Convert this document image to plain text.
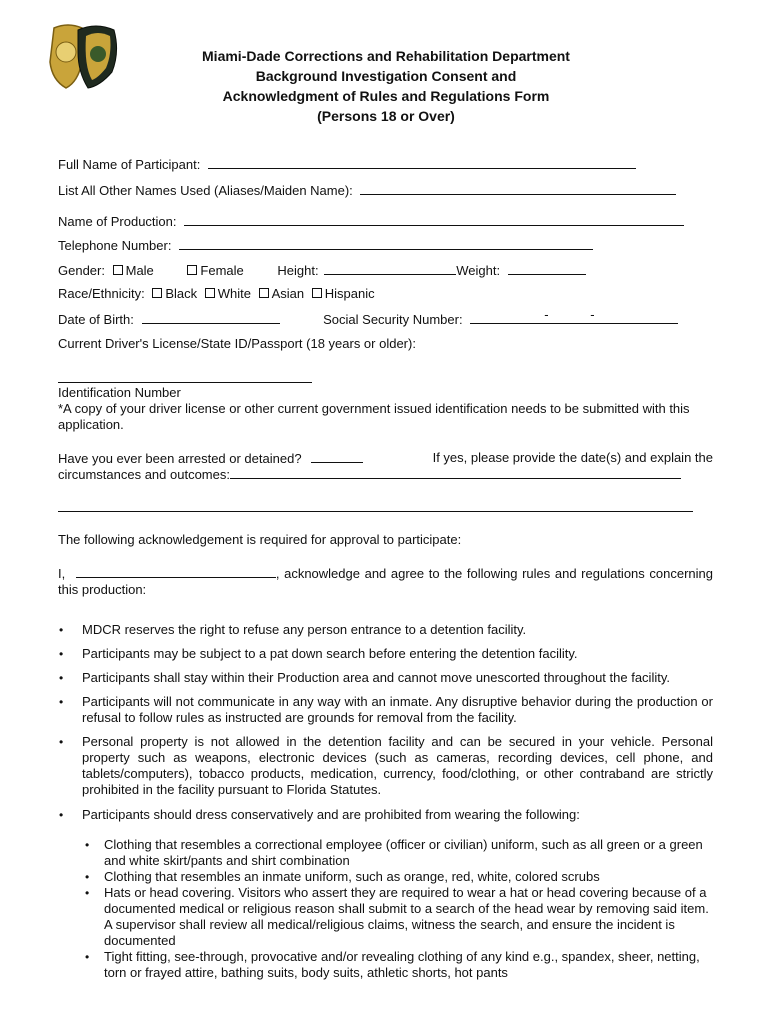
Miami-Dade Corrections and Rehabilitation Department
Background Investigation Consent and
Acknowledgment of Rules and Regulations Form
(Persons 18 or Over)
Full Name of Participant:
List All Other Names Used (Aliases/Maiden Name):
Name of Production:
Telephone Number:
Gender: Male	Female	Height:	Weight:
Race/Ethnicity: Black White Asian Hispanic
Date of Birth:	Social Security Number:	-	-
Current Driver's License/State ID/Passport (18 years or older):
Identification Number
*A copy of your driver license or other current government issued identification needs to be submitted with this application.
Have you ever been arrested or detained?	If yes, please provide the date(s) and explain the
circumstances and outcomes:
The following acknowledgement is required for approval to participate:
I,	, acknowledge and agree to the following rules and regulations concerning this production:
• MDCR reserves the right to refuse any person entrance to a detention facility.
• Participants may be subject to a pat down search before entering the detention facility.
• Participants shall stay within their Production area and cannot move unescorted throughout the facility.
• Participants will not communicate in any way with an inmate. Any disruptive behavior during the production or refusal to follow rules as instructed are grounds for removal from the facility.
• Personal property is not allowed in the detention facility and can be secured in your vehicle. Personal property such as weapons, electronic devices (such as cameras, recording devices, cell phone, and tablets/computers), tobacco products, medication, currency, food/clothing, or other contraband are strictly prohibited in the facility pursuant to Florida Statutes.
• Participants should dress conservatively and are prohibited from wearing the following:
• Clothing that resembles a correctional employee (officer or civilian) uniform, such as all green or a green and white skirt/pants and shirt combination
• Clothing that resembles an inmate uniform, such as orange, red, white, colored scrubs
• Hats or head covering. Visitors who assert they are required to wear a hat or head covering because of a documented medical or religious reason shall submit to a search of the head wear by removing said item. A supervisor shall review all medical/religious claims, witness the search, and ensure the incident is documented
• Tight fitting, see-through, provocative and/or revealing clothing of any kind e.g., spandex, sheer, netting, torn or frayed attire, bathing suits, body suits, athletic shorts, hot pants
